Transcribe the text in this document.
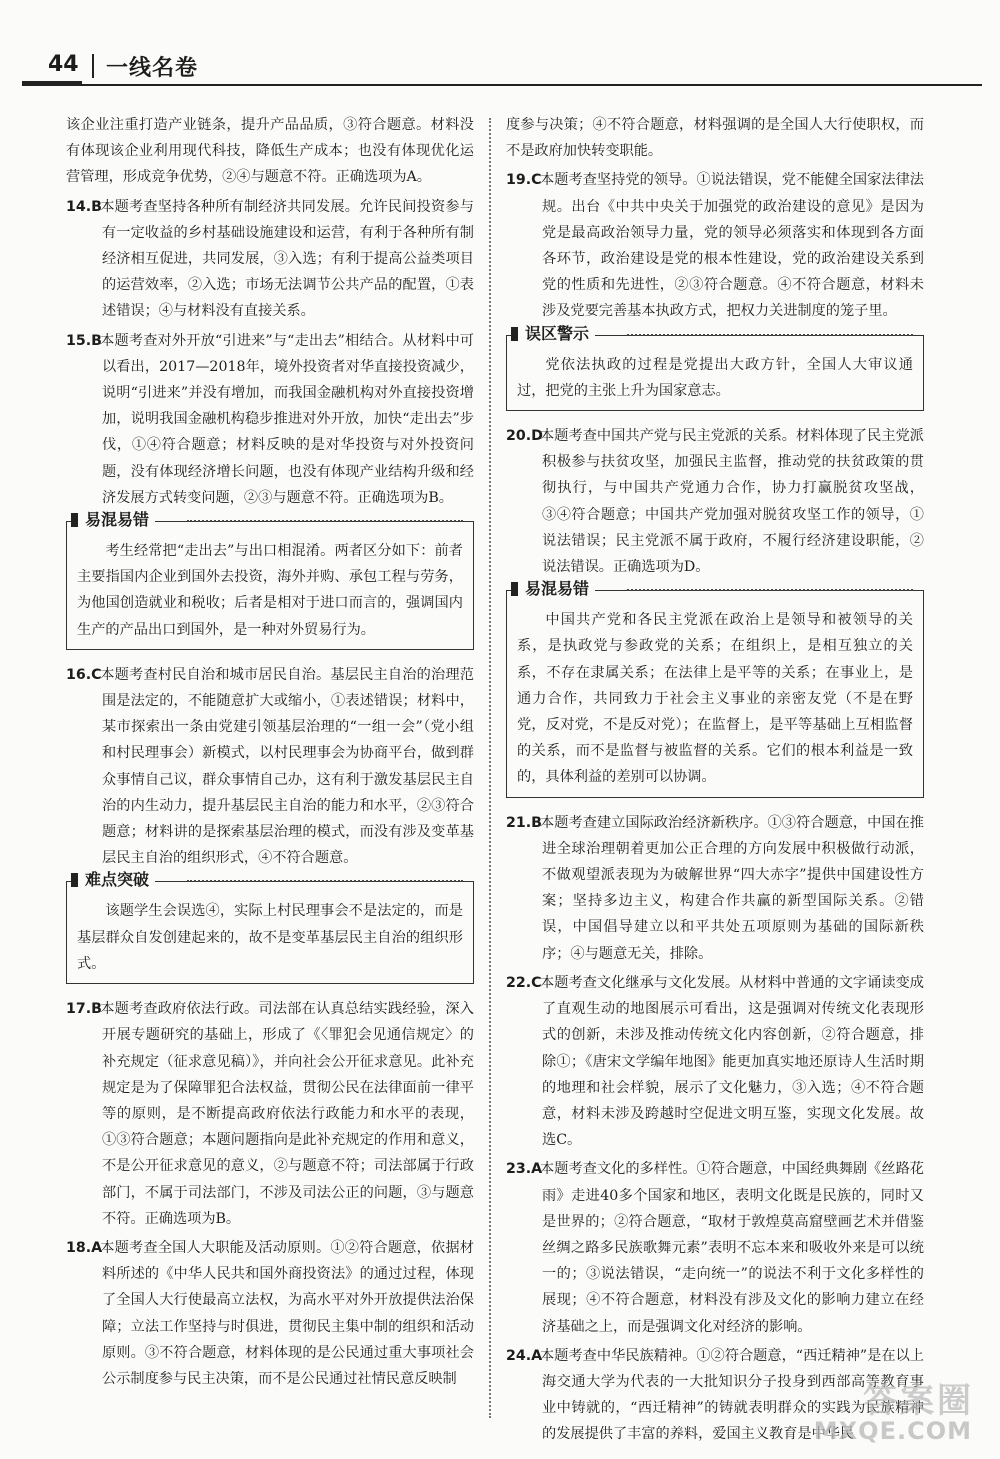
44 一线名卷
该企业注重打造产业链条，提升产品品质，③符合题意。材料没有体现该企业利用现代科技，降低生产成本；也没有体现优化运营管理，形成竞争优势，②④与题意不符。正确选项为A。
14.B本题考查坚持各种所有制经济共同发展。允许民间投资参与有一定收益的乡村基础设施建设和运营，有利于各种所有制经济相互促进，共同发展，③入选；有利于提高公益类项目的运营效率，②入选；市场无法调节公共产品的配置，①表述错误；④与材料没有直接关系。
15.B本题考查对外开放“引进来”与“走出去”相结合。从材料中可以看出，2017—2018年，境外投资者对华直接投资减少，说明“引进来”并没有增加，而我国金融机构对外直接投资增加，说明我国金融机构稳步推进对外开放，加快“走出去”步伐，①④符合题意；材料反映的是对华投资与对外投资问题，没有体现经济增长问题，也没有体现产业结构升级和经济发展方式转变问题，②③与题意不符。正确选项为B。
易混易错
考生经常把“走出去”与出口相混淆。两者区分如下：前者主要指国内企业到国外去投资，海外并购、承包工程与劳务，为他国创造就业和税收；后者是相对于进口而言的，强调国内生产的产品出口到国外，是一种对外贸易行为。
16.C本题考查村民自治和城市居民自治。基层民主自治的治理范围是法定的，不能随意扩大或缩小，①表述错误；材料中，某市探索出一条由党建引领基层治理的“一组一会”（党小组和村民理事会）新模式，以村民理事会为协商平台，做到群众事情自己议，群众事情自己办，这有利于激发基层民主自治的内生动力，提升基层民主自治的能力和水平，②③符合题意；材料讲的是探索基层治理的模式，而没有涉及变革基层民主自治的组织形式，④不符合题意。
难点突破
该题学生会误选④，实际上村民理事会不是法定的，而是基层群众自发创建起来的，故不是变革基层民主自治的组织形式。
17.B本题考查政府依法行政。司法部在认真总结实践经验，深入开展专题研究的基础上，形成了《〈罪犯会见通信规定〉的补充规定（征求意见稿）》，并向社会公开征求意见。此补充规定是为了保障罪犯合法权益，贯彻公民在法律面前一律平等的原则，是不断提高政府依法行政能力和水平的表现，①③符合题意；本题问题指向是此补充规定的作用和意义，不是公开征求意见的意义，②与题意不符；司法部属于行政部门，不属于司法部门，不涉及司法公正的问题，③与题意不符。正确选项为B。
18.A本题考查全国人大职能及活动原则。①②符合题意，依据材料所述的《中华人民共和国外商投资法》的通过过程，体现了全国人大行使最高立法权，为高水平对外开放提供法治保障；立法工作坚持与时俱进，贯彻民主集中制的组织和活动原则。③不符合题意，材料体现的是公民通过重大事项社会公示制度参与民主决策，而不是公民通过社情民意反映制
度参与决策；④不符合题意，材料强调的是全国人大行使职权，而不是政府加快转变职能。
19.C本题考查坚持党的领导。①说法错误，党不能健全国家法律法规。出台《中共中央关于加强党的政治建设的意见》是因为党是最高政治领导力量，党的领导必须落实和体现到各方面各环节，政治建设是党的根本性建设，党的政治建设关系到党的性质和先进性，②③符合题意。④不符合题意，材料未涉及党要完善基本执政方式，把权力关进制度的笼子里。
误区警示
党依法执政的过程是党提出大政方针，全国人大审议通过，把党的主张上升为国家意志。
20.D本题考查中国共产党与民主党派的关系。材料体现了民主党派积极参与扶贫攻坚，加强民主监督，推动党的扶贫政策的贯彻执行，与中国共产党通力合作，协力打赢脱贫攻坚战，③④符合题意；中国共产党加强对脱贫攻坚工作的领导，①说法错误；民主党派不属于政府，不履行经济建设职能，②说法错误。正确选项为D。
易混易错
中国共产党和各民主党派在政治上是领导和被领导的关系，是执政党与参政党的关系；在组织上，是相互独立的关系，不存在隶属关系；在法律上是平等的关系；在事业上，是通力合作，共同致力于社会主义事业的亲密友党（不是在野党，反对党，不是反对党）；在监督上，是平等基础上互相监督的关系，而不是监督与被监督的关系。它们的根本利益是一致的，具体利益的差别可以协调。
21.B本题考查建立国际政治经济新秩序。①③符合题意，中国在推进全球治理朝着更加公正合理的方向发展中积极做行动派，不做观望派表现为为破解世界“四大赤字”提供中国建设性方案；坚持多边主义，构建合作共赢的新型国际关系。②错误，中国倡导建立以和平共处五项原则为基础的国际新秩序；④与题意无关，排除。
22.C本题考查文化继承与文化发展。从材料中普通的文字诵读变成了直观生动的地图展示可看出，这是强调对传统文化表现形式的创新，未涉及推动传统文化内容创新，②符合题意，排除①；《唐宋文学编年地图》能更加真实地还原诗人生活时期的地理和社会样貌，展示了文化魅力，③入选；④不符合题意，材料未涉及跨越时空促进文明互鉴，实现文化发展。故选C。
23.A本题考查文化的多样性。①符合题意，中国经典舞剧《丝路花雨》走进40多个国家和地区，表明文化既是民族的，同时又是世界的；②符合题意，“取材于敦煌莫高窟壁画艺术并借鉴丝绸之路多民族歌舞元素”表明不忘本来和吸收外来是可以统一的；③说法错误，“走向统一”的说法不利于文化多样性的展现；④不符合题意，材料没有涉及文化的影响力建立在经济基础之上，而是强调文化对经济的影响。
24.A本题考查中华民族精神。①②符合题意，“西迁精神”是在以上海交通大学为代表的一大批知识分子投身到西部高等教育事业中铸就的，“西迁精神”的铸就表明群众的实践为民族精神的发展提供了丰富的养料，爱国主义教育是中华民
答案圈
MXQE.COM
